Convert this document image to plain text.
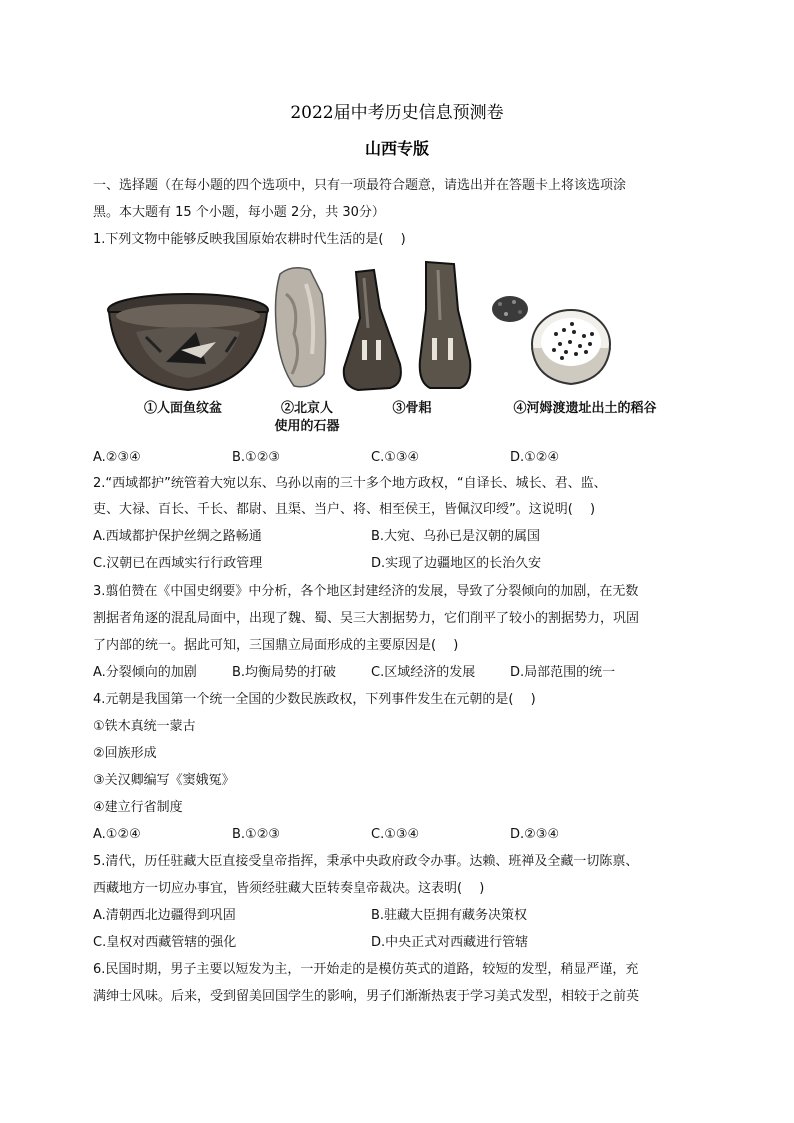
2022届中考历史信息预测卷
山西专版
一、选择题（在每小题的四个选项中，只有一项最符合题意，请选出并在答题卡上将该选项涂
黑。本大题有 15 个小题，每小题 2分，共 30分）
1.下列文物中能够反映我国原始农耕时代生活的是(　 )
①人面鱼纹盆	②北京人
使用的石器
③骨耜	④河姆渡遗址出土的稻谷
A.②③④	B.①②③	C.①③④	D.①②④
2.“西域都护”统管着大宛以东、乌孙以南的三十多个地方政权，“自译长、城长、君、监、
吏、大禄、百长、千长、都尉、且渠、当户、将、相至侯王，皆佩汉印绶”。这说明(　 )
A.西域都护保护丝绸之路畅通	B.大宛、乌孙已是汉朝的属国
C.汉朝已在西域实行行政管理	D.实现了边疆地区的长治久安
3.翦伯赞在《中国史纲要》中分析，各个地区封建经济的发展，导致了分裂倾向的加剧，在无数
割据者角逐的混乱局面中，出现了魏、蜀、吴三大割据势力，它们削平了较小的割据势力，巩固
了内部的统一。据此可知，三国鼎立局面形成的主要原因是(　 )
A.分裂倾向的加剧	B.均衡局势的打破	C.区域经济的发展	D.局部范围的统一
4.元朝是我国第一个统一全国的少数民族政权，下列事件发生在元朝的是(　 )
①铁木真统一蒙古
②回族形成
③关汉卿编写《窦娥冤》
④建立行省制度
A.①②④	B.①②③	C.①③④	D.②③④
5.清代，历任驻藏大臣直接受皇帝指挥，秉承中央政府政令办事。达赖、班禅及全藏一切陈禀、
西藏地方一切应办事宜，皆须经驻藏大臣转奏皇帝裁决。这表明(　 )
A.清朝西北边疆得到巩固	B.驻藏大臣拥有藏务决策权
C.皇权对西藏管辖的强化	D.中央正式对西藏进行管辖
6.民国时期，男子主要以短发为主，一开始走的是模仿英式的道路，较短的发型，稍显严谨，充
满绅士风味。后来，受到留美回国学生的影响，男子们渐渐热衷于学习美式发型，相较于之前英
